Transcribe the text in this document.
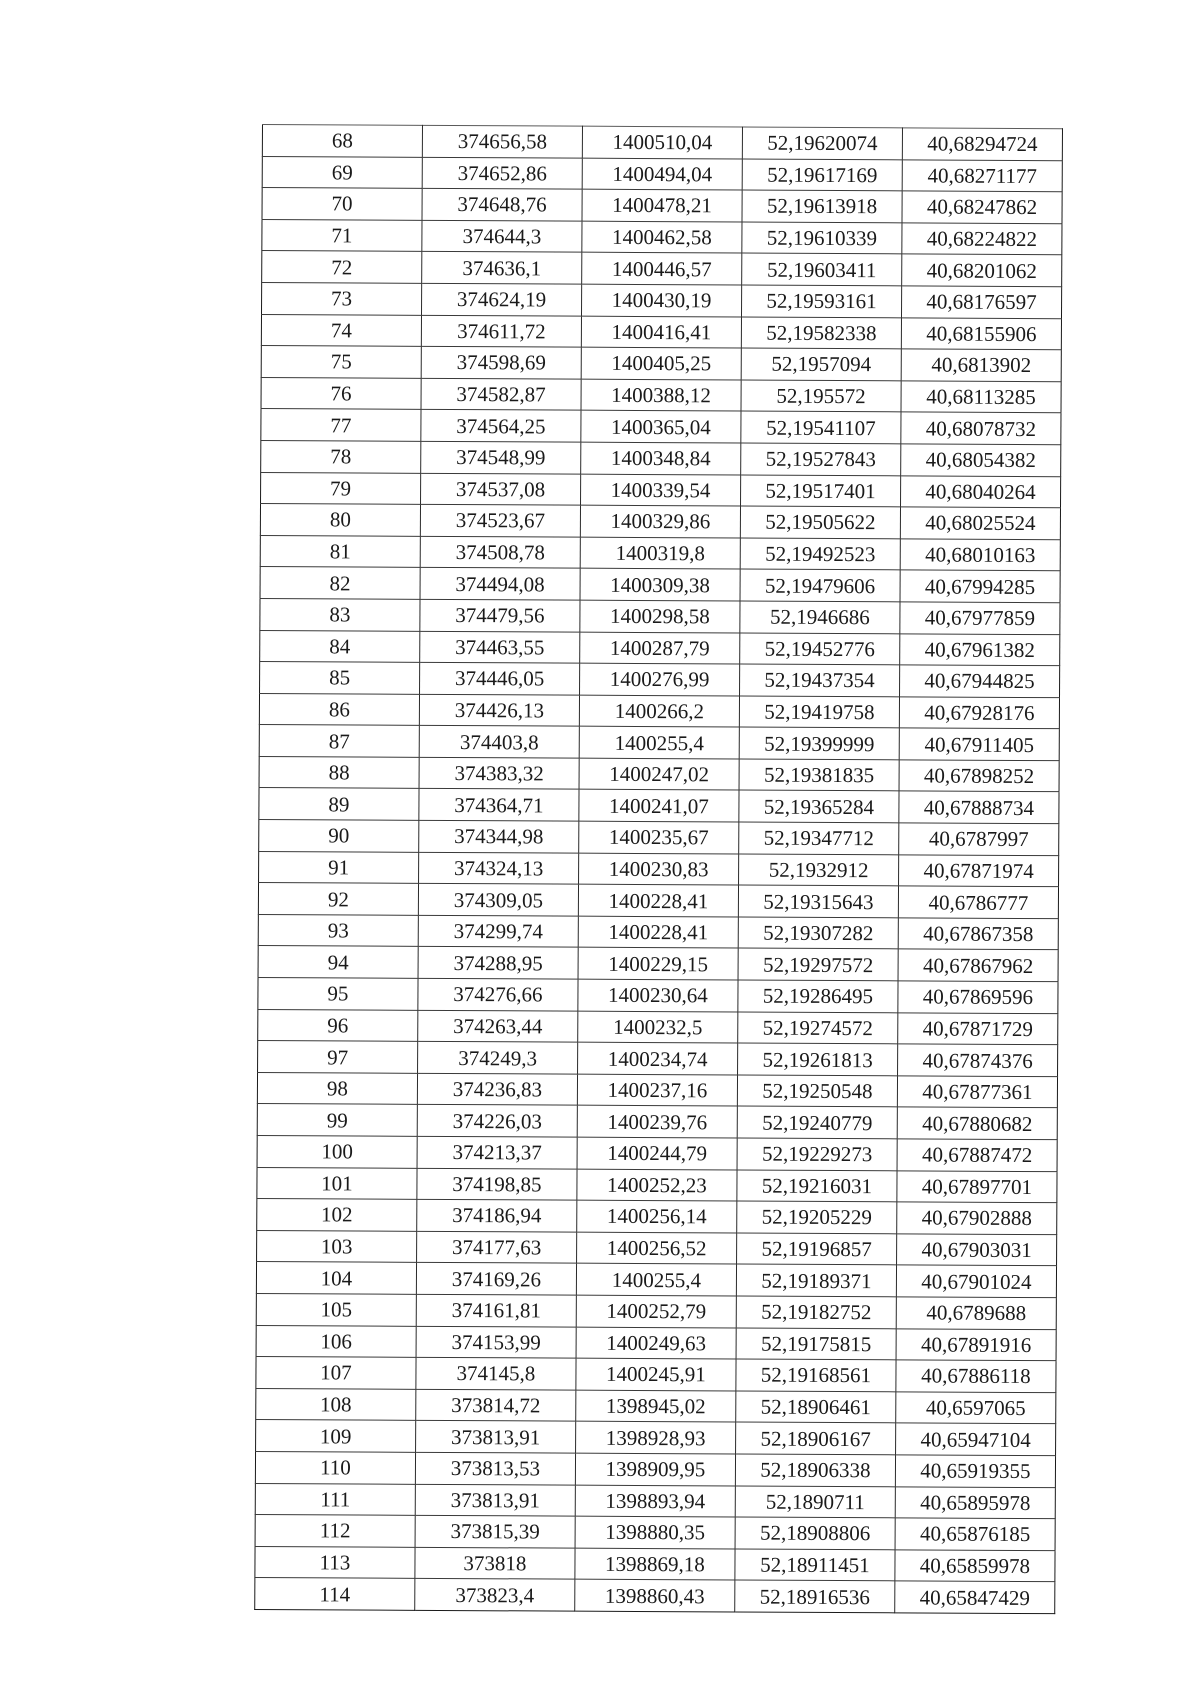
68	374656,58	1400510,04	52,19620074	40,68294724
69	374652,86	1400494,04	52,19617169	40,68271177
70	374648,76	1400478,21	52,19613918	40,68247862
71	374644,3	1400462,58	52,19610339	40,68224822
72	374636,1	1400446,57	52,19603411	40,68201062
73	374624,19	1400430,19	52,19593161	40,68176597
74	374611,72	1400416,41	52,19582338	40,68155906
75	374598,69	1400405,25	52,1957094	40,6813902
76	374582,87	1400388,12	52,195572	40,68113285
77	374564,25	1400365,04	52,19541107	40,68078732
78	374548,99	1400348,84	52,19527843	40,68054382
79	374537,08	1400339,54	52,19517401	40,68040264
80	374523,67	1400329,86	52,19505622	40,68025524
81	374508,78	1400319,8	52,19492523	40,68010163
82	374494,08	1400309,38	52,19479606	40,67994285
83	374479,56	1400298,58	52,1946686	40,67977859
84	374463,55	1400287,79	52,19452776	40,67961382
85	374446,05	1400276,99	52,19437354	40,67944825
86	374426,13	1400266,2	52,19419758	40,67928176
87	374403,8	1400255,4	52,19399999	40,67911405
88	374383,32	1400247,02	52,19381835	40,67898252
89	374364,71	1400241,07	52,19365284	40,67888734
90	374344,98	1400235,67	52,19347712	40,6787997
91	374324,13	1400230,83	52,1932912	40,67871974
92	374309,05	1400228,41	52,19315643	40,6786777
93	374299,74	1400228,41	52,19307282	40,67867358
94	374288,95	1400229,15	52,19297572	40,67867962
95	374276,66	1400230,64	52,19286495	40,67869596
96	374263,44	1400232,5	52,19274572	40,67871729
97	374249,3	1400234,74	52,19261813	40,67874376
98	374236,83	1400237,16	52,19250548	40,67877361
99	374226,03	1400239,76	52,19240779	40,67880682
100	374213,37	1400244,79	52,19229273	40,67887472
101	374198,85	1400252,23	52,19216031	40,67897701
102	374186,94	1400256,14	52,19205229	40,67902888
103	374177,63	1400256,52	52,19196857	40,67903031
104	374169,26	1400255,4	52,19189371	40,67901024
105	374161,81	1400252,79	52,19182752	40,6789688
106	374153,99	1400249,63	52,19175815	40,67891916
107	374145,8	1400245,91	52,19168561	40,67886118
108	373814,72	1398945,02	52,18906461	40,6597065
109	373813,91	1398928,93	52,18906167	40,65947104
110	373813,53	1398909,95	52,18906338	40,65919355
111	373813,91	1398893,94	52,1890711	40,65895978
112	373815,39	1398880,35	52,18908806	40,65876185
113	373818	1398869,18	52,18911451	40,65859978
114	373823,4	1398860,43	52,18916536	40,65847429
